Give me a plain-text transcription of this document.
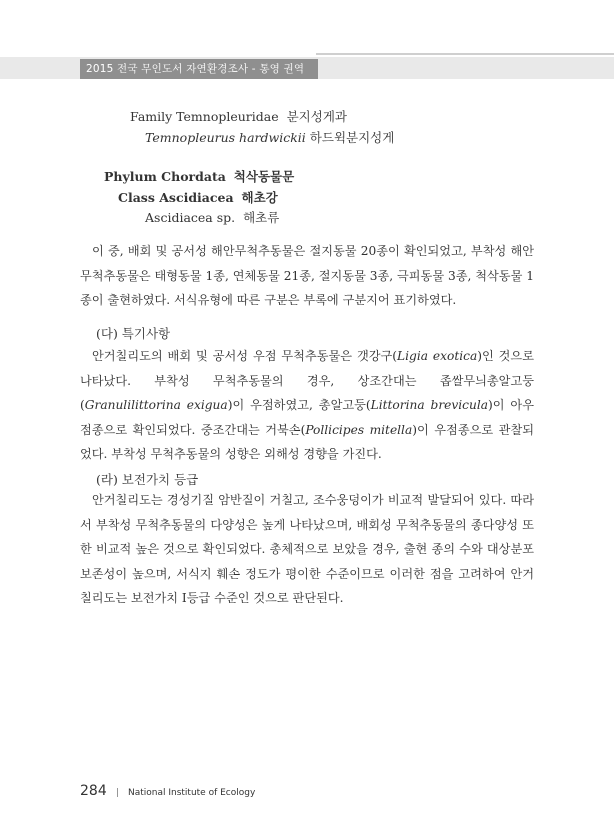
2015 전국 무인도서 자연환경조사 - 통영 권역
Family Temnopleuridae 분지성게과
Temnopleurus hardwickii 하드윅분지성게
Phylum Chordata 척삭동물문
Class Ascidiacea 해초강
Ascidiacea sp. 해초류

이 중, 배회 및 공서성 해안무척추동물은 절지동물 20종이 확인되었고, 부착성 해안무척추동물은 태형동물 1종, 연체동물 21종, 절지동물 3종, 극피동물 3종, 척삭동물 1종이 출현하였다. 서식유형에 따른 구분은 부록에 구분지어 표기하였다.

(다) 특기사항

안거칠리도의 배회 및 공서성 우점 무척추동물은 갯강구(Ligia exotica)인 것으로 나타났다. 부착성 무척추동물의 경우, 상조간대는 좁쌀무늬총알고둥(Granulilittorina exigua)이 우점하였고, 총알고둥(Littorina brevicula)이 아우점종으로 확인되었다. 중조간대는 거북손(Pollicipes mitella)이 우점종으로 관찰되었다. 부착성 무척추동물의 성향은 외해성 경향을 가진다.

(라) 보전가치 등급

안거칠리도는 경성기질 암반질이 거칠고, 조수웅덩이가 비교적 발달되어 있다. 따라서 부착성 무척추동물의 다양성은 높게 나타났으며, 배회성 무척추동물의 종다양성 또한 비교적 높은 것으로 확인되었다. 총체적으로 보았을 경우, 출현 종의 수와 대상분포 보존성이 높으며, 서식지 훼손 정도가 평이한 수준이므로 이러한 점을 고려하여 안거칠리도는 보전가치 Ⅰ등급 수준인 것으로 판단된다.

284 | National Institute of Ecology
